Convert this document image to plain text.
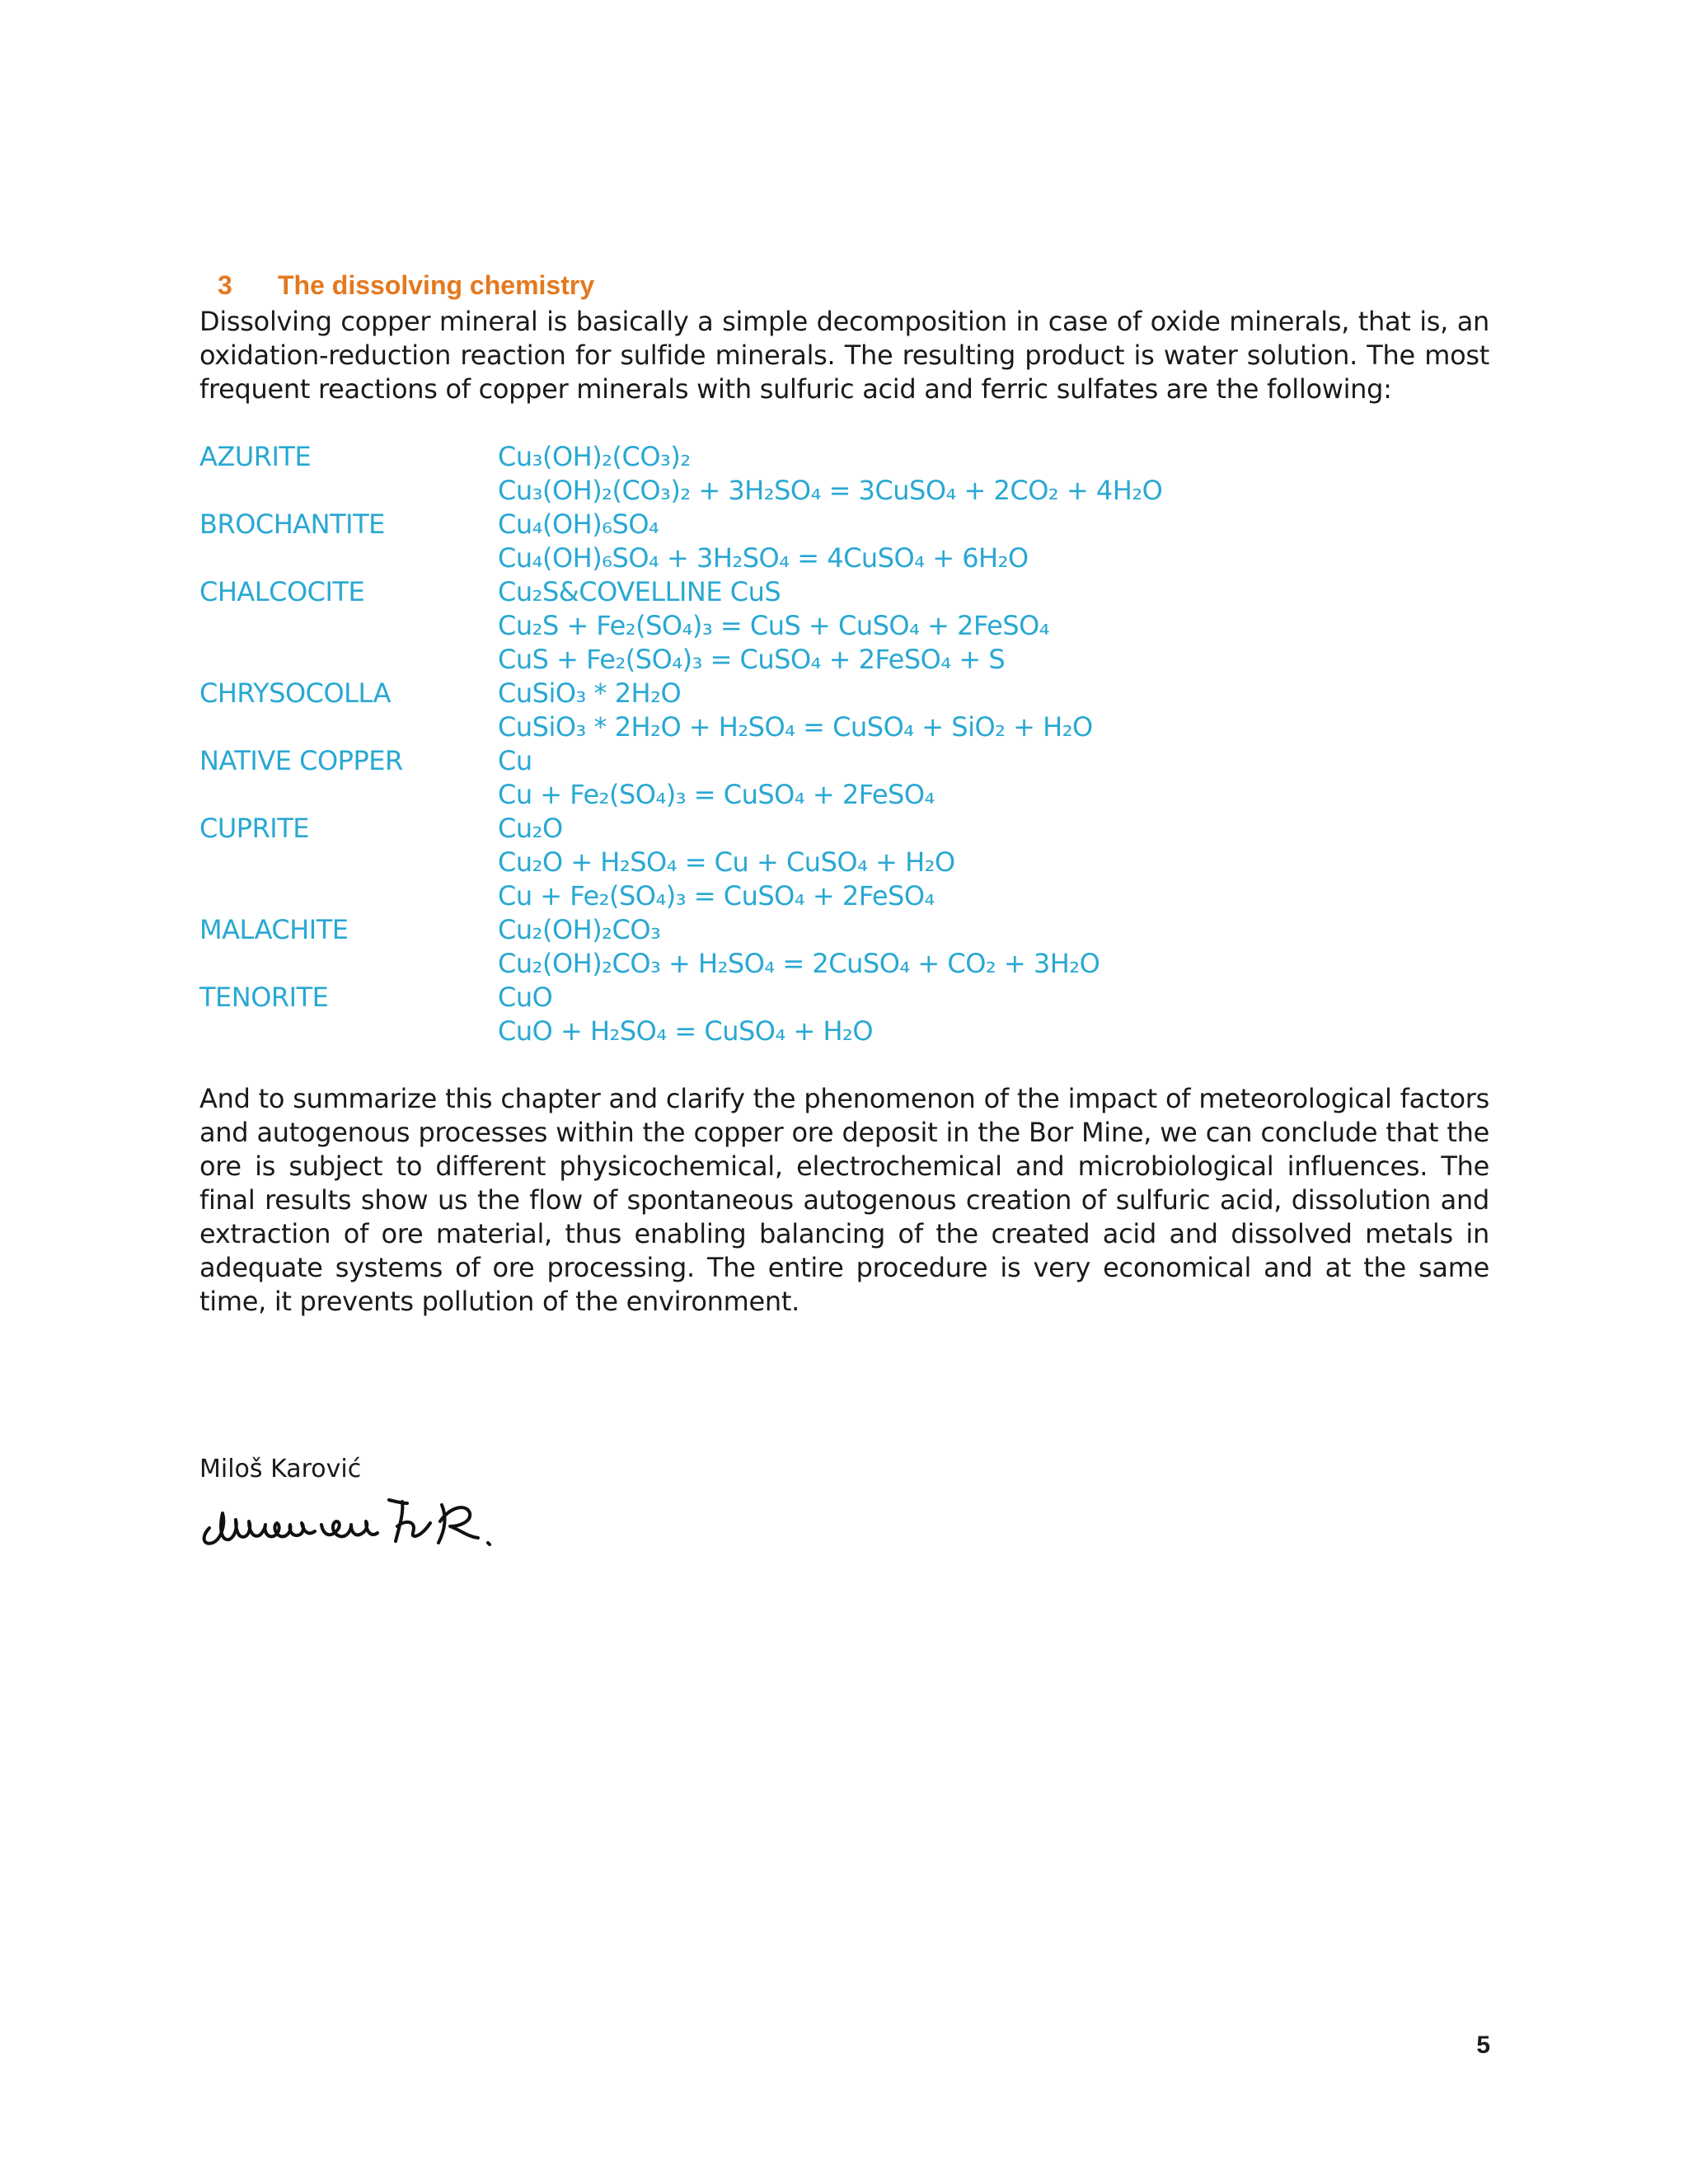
3	The dissolving chemistry

Dissolving copper mineral is basically a simple decomposition in case of oxide minerals, that is, an oxidation-reduction reaction for sulfide minerals. The resulting product is water solution. The most frequent reactions of copper minerals with sulfuric acid and ferric sulfates are the following:

AZURITE	Cu₃(OH)₂(CO₃)₂
Cu₃(OH)₂(CO₃)₂ + 3H₂SO₄ = 3CuSO₄ + 2CO₂ + 4H₂O
BROCHANTITE	Cu₄(OH)₆SO₄
Cu₄(OH)₆SO₄ + 3H₂SO₄ = 4CuSO₄ + 6H₂O
CHALCOCITE	Cu₂S&COVELLINE CuS
Cu₂S + Fe₂(SO₄)₃ = CuS + CuSO₄ + 2FeSO₄
CuS + Fe₂(SO₄)₃ = CuSO₄ + 2FeSO₄ + S
CHRYSOCOLLA	CuSiO₃ * 2H₂O
CuSiO₃ * 2H₂O + H₂SO₄ = CuSO₄ + SiO₂ + H₂O
NATIVE COPPER	Cu
Cu + Fe₂(SO₄)₃ = CuSO₄ + 2FeSO₄
CUPRITE	Cu₂O
Cu₂O + H₂SO₄ = Cu + CuSO₄ + H₂O
Cu + Fe₂(SO₄)₃ = CuSO₄ + 2FeSO₄
MALACHITE	Cu₂(OH)₂CO₃
Cu₂(OH)₂CO₃ + H₂SO₄ = 2CuSO₄ + CO₂ + 3H₂O
TENORITE	CuO
CuO + H₂SO₄ = CuSO₄ + H₂O

And to summarize this chapter and clarify the phenomenon of the impact of meteorological factors and autogenous processes within the copper ore deposit in the Bor Mine, we can conclude that the ore is subject to different physicochemical, electrochemical and microbiological influences. The final results show us the flow of spontaneous autogenous creation of sulfuric acid, dissolution and extraction of ore material, thus enabling balancing of the created acid and dissolved metals in adequate systems of ore processing. The entire procedure is very economical and at the same time, it prevents pollution of the environment.

Miloš Karović

5
